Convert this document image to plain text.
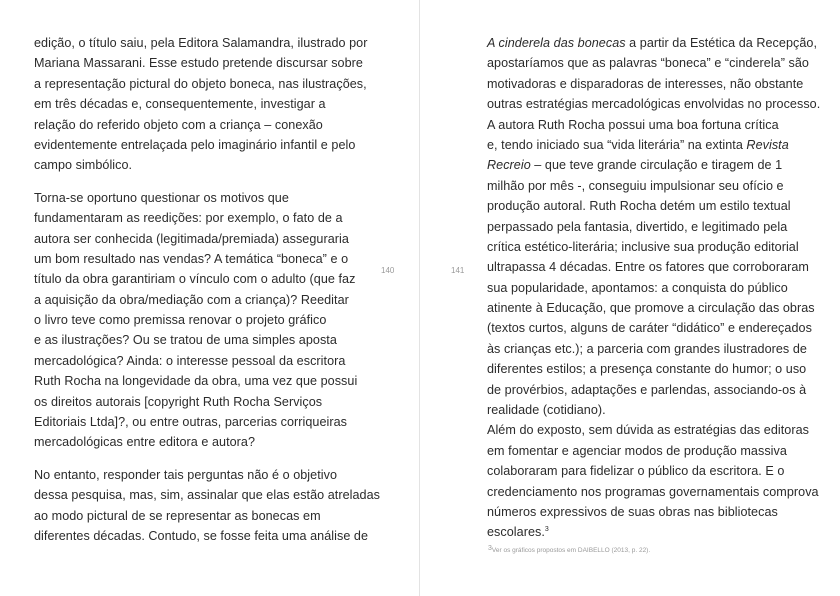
edição, o título saiu, pela Editora Salamandra, ilustrado por
Mariana Massarani. Esse estudo pretende discursar sobre
a representação pictural do objeto boneca, nas ilustrações,
em três décadas e, consequentemente, investigar a
relação do referido objeto com a criança – conexão
evidentemente entrelaçada pelo imaginário infantil e pelo
campo simbólico.
Torna-se oportuno questionar os motivos que
fundamentaram as reedições: por exemplo, o fato de a
autora ser conhecida (legitimada/premiada) asseguraria
um bom resultado nas vendas? A temática “boneca” e o
título da obra garantiriam o vínculo com o adulto (que faz
a aquisição da obra/mediação com a criança)? Reeditar
o livro teve como premissa renovar o projeto gráfico
e as ilustrações? Ou se tratou de uma simples aposta
mercadológica? Ainda: o interesse pessoal da escritora
Ruth Rocha na longevidade da obra, uma vez que possui
os direitos autorais [copyright Ruth Rocha Serviços
Editoriais Ltda]?, ou entre outras, parcerias corriqueiras
mercadológicas entre editora e autora?
No entanto, responder tais perguntas não é o objetivo
dessa pesquisa, mas, sim, assinalar que elas estão atreladas
ao modo pictural de se representar as bonecas em
diferentes décadas. Contudo, se fosse feita uma análise de
140	141
A cinderela das bonecas a partir da Estética da Recepção,
apostaríamos que as palavras “boneca” e “cinderela” são
motivadoras e disparadoras de interesses, não obstante
outras estratégias mercadológicas envolvidas no processo.
A autora Ruth Rocha possui uma boa fortuna crítica
e, tendo iniciado sua “vida literária” na extinta Revista
Recreio – que teve grande circulação e tiragem de 1
milhão por mês -, conseguiu impulsionar seu ofício e
produção autoral. Ruth Rocha detém um estilo textual
perpassado pela fantasia, divertido, e legitimado pela
crítica estético-literária; inclusive sua produção editorial
ultrapassa 4 décadas. Entre os fatores que corroboraram
sua popularidade, apontamos: a conquista do público
atinente à Educação, que promove a circulação das obras
(textos curtos, alguns de caráter “didático” e endereçados
às crianças etc.); a parceria com grandes ilustradores de
diferentes estilos; a presença constante do humor; o uso
de provérbios, adaptações e parlendas, associando-os à
realidade (cotidiano).
Além do exposto, sem dúvida as estratégias das editoras
em fomentar e agenciar modos de produção massiva
colaboraram para fidelizar o público da escritora. E o
credenciamento nos programas governamentais comprova
números expressivos de suas obras nas bibliotecas
escolares.$^3$
$^3$Ver os gráficos propostos em DAIBELLO (2013, p. 22).
